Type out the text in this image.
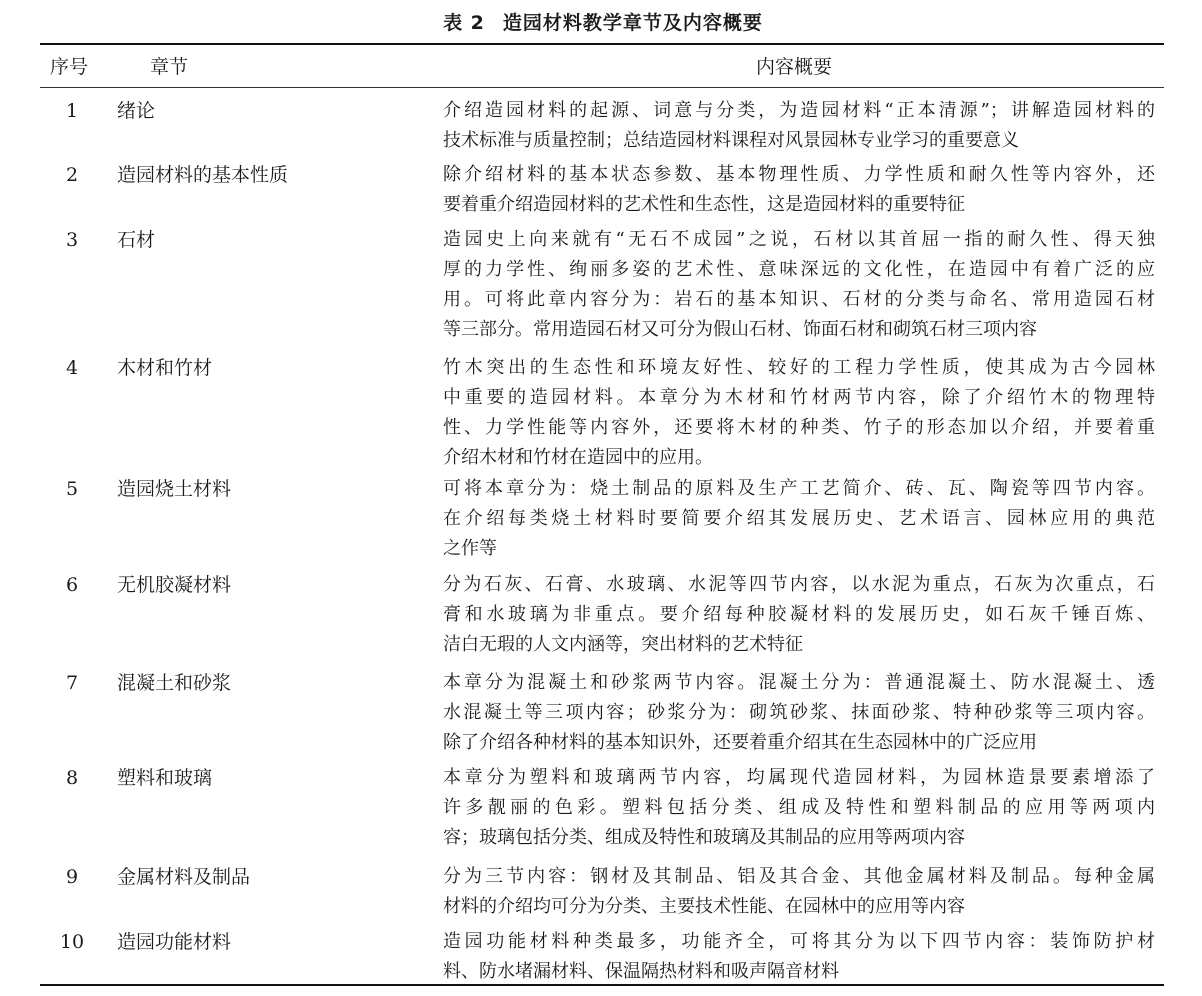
表 2 造园材料教学章节及内容概要
序号	章节	内容概要
1	绪论	介绍造园材料的起源、词意与分类，为造园材料“正本清源”；讲解造园材料的
技术标准与质量控制；总结造园材料课程对风景园林专业学习的重要意义
2	造园材料的基本性质	除介绍材料的基本状态参数、基本物理性质、力学性质和耐久性等内容外，还
要着重介绍造园材料的艺术性和生态性，这是造园材料的重要特征
3	石材	造园史上向来就有“无石不成园”之说，石材以其首屈一指的耐久性、得天独
厚的力学性、绚丽多姿的艺术性、意味深远的文化性，在造园中有着广泛的应
用。可将此章内容分为：岩石的基本知识、石材的分类与命名、常用造园石材
等三部分。常用造园石材又可分为假山石材、饰面石材和砌筑石材三项内容
4	木材和竹材	竹木突出的生态性和环境友好性、较好的工程力学性质，使其成为古今园林
中重要的造园材料。本章分为木材和竹材两节内容，除了介绍竹木的物理特
性、力学性能等内容外，还要将木材的种类、竹子的形态加以介绍，并要着重
介绍木材和竹材在造园中的应用。
5	造园烧土材料	可将本章分为：烧土制品的原料及生产工艺简介、砖、瓦、陶瓷等四节内容。
在介绍每类烧土材料时要简要介绍其发展历史、艺术语言、园林应用的典范
之作等
6	无机胶凝材料	分为石灰、石膏、水玻璃、水泥等四节内容，以水泥为重点，石灰为次重点，石
膏和水玻璃为非重点。要介绍每种胶凝材料的发展历史，如石灰千锤百炼、
洁白无瑕的人文内涵等，突出材料的艺术特征
7	混凝土和砂浆	本章分为混凝土和砂浆两节内容。混凝土分为：普通混凝土、防水混凝土、透
水混凝土等三项内容；砂浆分为：砌筑砂浆、抹面砂浆、特种砂浆等三项内容。
除了介绍各种材料的基本知识外，还要着重介绍其在生态园林中的广泛应用
8	塑料和玻璃	本章分为塑料和玻璃两节内容，均属现代造园材料，为园林造景要素增添了
许多靓丽的色彩。塑料包括分类、组成及特性和塑料制品的应用等两项内
容；玻璃包括分类、组成及特性和玻璃及其制品的应用等两项内容
9	金属材料及制品	分为三节内容：钢材及其制品、铝及其合金、其他金属材料及制品。每种金属
材料的介绍均可分为分类、主要技术性能、在园林中的应用等内容
10	造园功能材料	造园功能材料种类最多，功能齐全，可将其分为以下四节内容：装饰防护材
料、防水堵漏材料、保温隔热材料和吸声隔音材料
